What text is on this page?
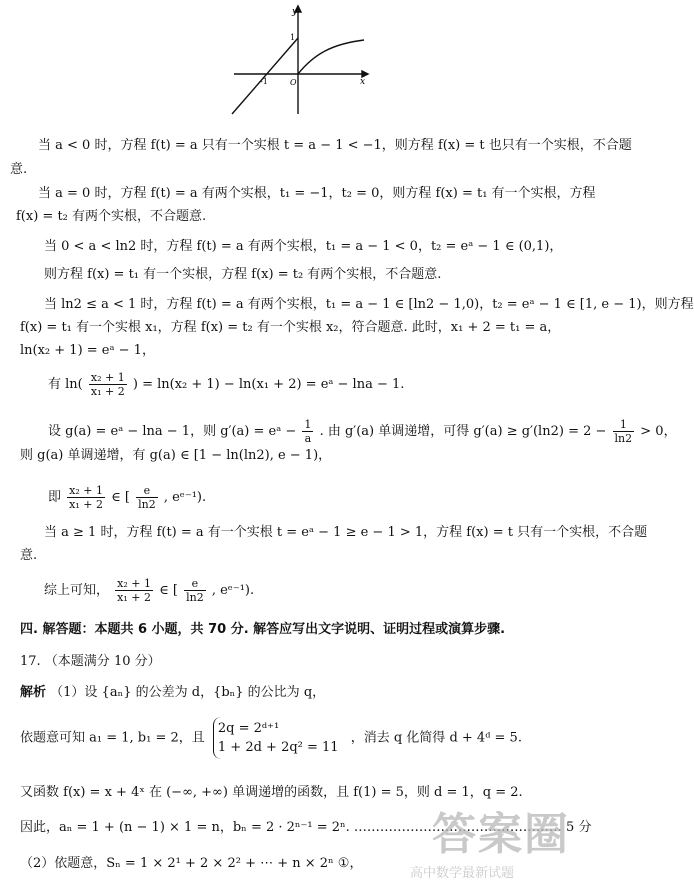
y
x
-1	O
1
当 a < 0 时，方程 f(t) = a 只有一个实根 t = a − 1 < −1，则方程 f(x) = t 也只有一个实根，不合题
意.
当 a = 0 时，方程 f(t) = a 有两个实根，t₁ = −1，t₂ = 0，则方程 f(x) = t₁ 有一个实根，方程
f(x) = t₂ 有两个实根，不合题意.
当 0 < a < ln2 时，方程 f(t) = a 有两个实根，t₁ = a − 1 < 0，t₂ = eᵃ − 1 ∈ (0,1)，
则方程 f(x) = t₁ 有一个实根，方程 f(x) = t₂ 有两个实根，不合题意.
当 ln2 ≤ a < 1 时，方程 f(t) = a 有两个实根，t₁ = a − 1 ∈ [ln2 − 1,0)，t₂ = eᵃ − 1 ∈ [1, e − 1)，则方程
f(x) = t₁ 有一个实根 x₁，方程 f(x) = t₂ 有一个实根 x₂，符合题意. 此时，x₁ + 2 = t₁ = a，
ln(x₂ + 1) = eᵃ − 1，
有 $\ln( \frac{\text{x₂ + 1}}{\text{x₁ + 2}}$ ) = ln(x₂ + 1) − ln(x₁ + 2) = eᵃ − lna − 1.
设 g(a) = eᵃ − lna − 1，则 g′(a) = eᵃ − $\frac{1}{a}$ . 由 g′(a) 单调递增，可得 $g'(a) \ge g'(\ln 2) = 2 - \frac{1}{\ln 2} > 0$，
则 g(a) 单调递增，有 g(a) ∈ [1 − ln(ln2), e − 1)，
即 $\frac{\text{x₂ + 1}}{\text{x₁ + 2}}$ ∈ [ $\frac{e}{\ln 2}$ , eᵉ⁻¹).
当 a ≥ 1 时，方程 f(t) = a 有一个实根 t = eᵃ − 1 ≥ e − 1 > 1，方程 f(x) = t 只有一个实根，不合题
意.
综上可知， $\frac{\text{x₂ + 1}}{\text{x₁ + 2}}$ ∈ [ $\frac{e}{\ln 2}$ , eᵉ⁻¹).
四. 解答题：本题共 6 小题，共 70 分. 解答应写出文字说明、证明过程或演算步骤.
17. （本题满分 10 分）
解析 （1）设 {aₙ} 的公差为 d，{bₙ} 的公比为 q，
依题意可知 a₁ = 1, b₁ = 2，且
2q = 2ᵈ⁺¹
1 + 2d + 2q² = 11
，消去 q 化简得 d + 4ᵈ = 5.
又函数 f(x) = x + 4ˣ 在 (−∞, +∞) 单调递增的函数，且 f(1) = 5，则 d = 1，q = 2.
因此，aₙ = 1 + (n − 1) × 1 = n，bₙ = 2 · 2ⁿ⁻¹ = 2ⁿ. ………………………………………… 5 分
（2）依题意，Sₙ = 1 × 2¹ + 2 × 2² + ⋯ + n × 2ⁿ ①，
答案圈
高中数学最新试题
